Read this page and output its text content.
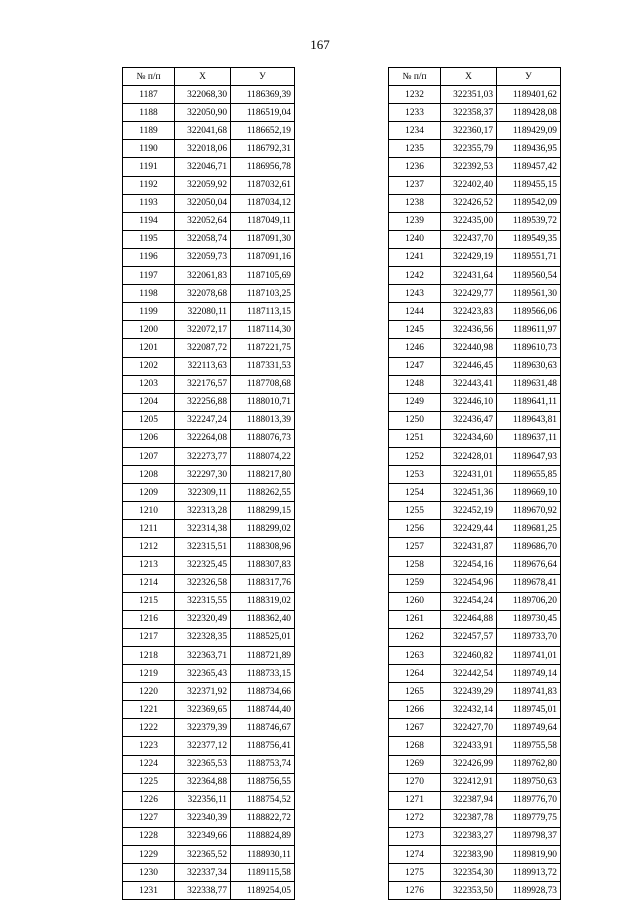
167
№ п/п	Х	У
1187	322068,30	1186369,39
1188	322050,90	1186519,04
1189	322041,68	1186652,19
1190	322018,06	1186792,31
1191	322046,71	1186956,78
1192	322059,92	1187032,61
1193	322050,04	1187034,12
1194	322052,64	1187049,11
1195	322058,74	1187091,30
1196	322059,73	1187091,16
1197	322061,83	1187105,69
1198	322078,68	1187103,25
1199	322080,11	1187113,15
1200	322072,17	1187114,30
1201	322087,72	1187221,75
1202	322113,63	1187331,53
1203	322176,57	1187708,68
1204	322256,88	1188010,71
1205	322247,24	1188013,39
1206	322264,08	1188076,73
1207	322273,77	1188074,22
1208	322297,30	1188217,80
1209	322309,11	1188262,55
1210	322313,28	1188299,15
1211	322314,38	1188299,02
1212	322315,51	1188308,96
1213	322325,45	1188307,83
1214	322326,58	1188317,76
1215	322315,55	1188319,02
1216	322320,49	1188362,40
1217	322328,35	1188525,01
1218	322363,71	1188721,89
1219	322365,43	1188733,15
1220	322371,92	1188734,66
1221	322369,65	1188744,40
1222	322379,39	1188746,67
1223	322377,12	1188756,41
1224	322365,53	1188753,74
1225	322364,88	1188756,55
1226	322356,11	1188754,52
1227	322340,39	1188822,72
1228	322349,66	1188824,89
1229	322365,52	1188930,11
1230	322337,34	1189115,58
1231	322338,77	1189254,05
№ п/п	Х	У
1232	322351,03	1189401,62
1233	322358,37	1189428,08
1234	322360,17	1189429,09
1235	322355,79	1189436,95
1236	322392,53	1189457,42
1237	322402,40	1189455,15
1238	322426,52	1189542,09
1239	322435,00	1189539,72
1240	322437,70	1189549,35
1241	322429,19	1189551,71
1242	322431,64	1189560,54
1243	322429,77	1189561,30
1244	322423,83	1189566,06
1245	322436,56	1189611,97
1246	322440,98	1189610,73
1247	322446,45	1189630,63
1248	322443,41	1189631,48
1249	322446,10	1189641,11
1250	322436,47	1189643,81
1251	322434,60	1189637,11
1252	322428,01	1189647,93
1253	322431,01	1189655,85
1254	322451,36	1189669,10
1255	322452,19	1189670,92
1256	322429,44	1189681,25
1257	322431,87	1189686,70
1258	322454,16	1189676,64
1259	322454,96	1189678,41
1260	322454,24	1189706,20
1261	322464,88	1189730,45
1262	322457,57	1189733,70
1263	322460,82	1189741,01
1264	322442,54	1189749,14
1265	322439,29	1189741,83
1266	322432,14	1189745,01
1267	322427,70	1189749,64
1268	322433,91	1189755,58
1269	322426,99	1189762,80
1270	322412,91	1189750,63
1271	322387,94	1189776,70
1272	322387,78	1189779,75
1273	322383,27	1189798,37
1274	322383,90	1189819,90
1275	322354,30	1189913,72
1276	322353,50	1189928,73
